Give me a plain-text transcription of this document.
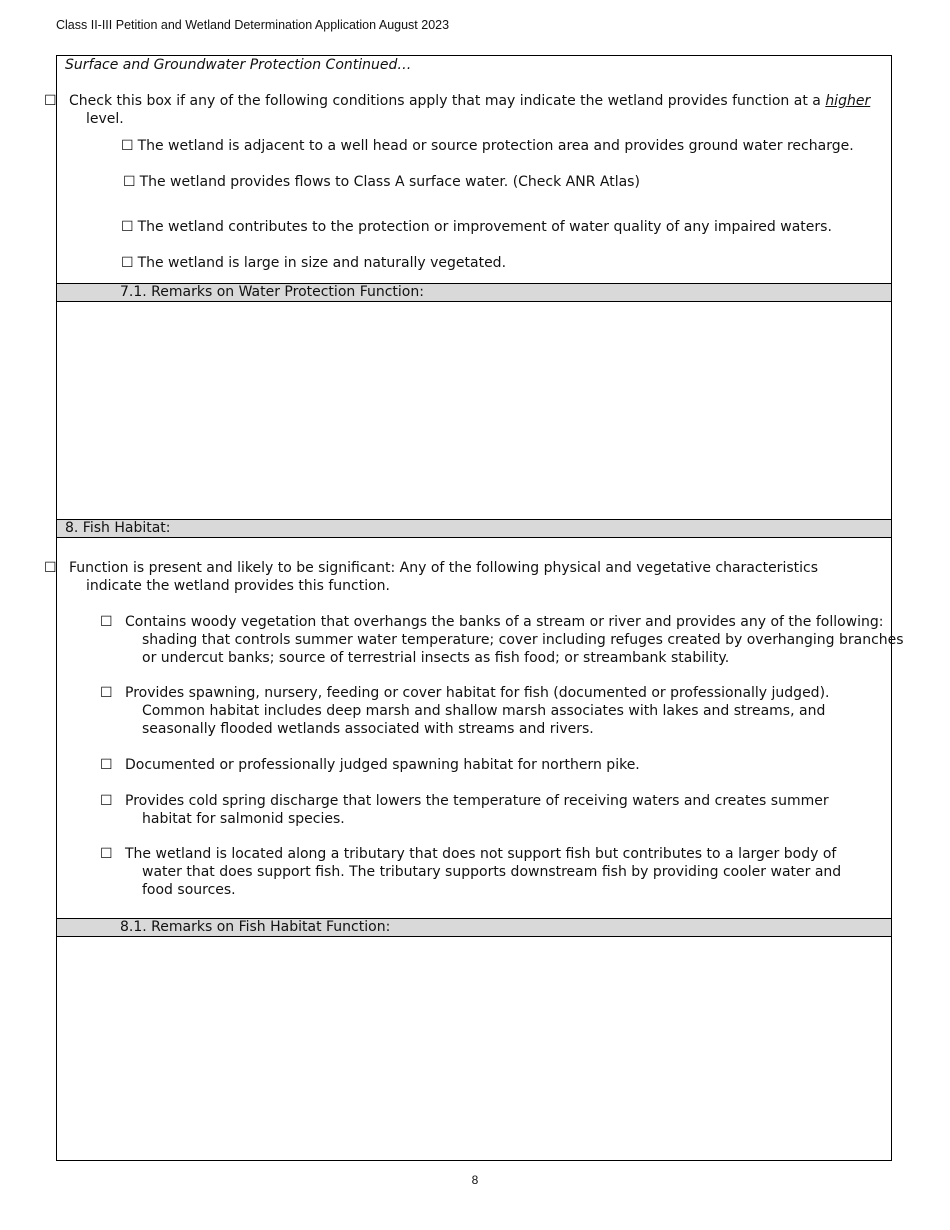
Class II-III Petition and Wetland Determination Application August 2023
Surface and Groundwater Protection Continued…
☐ Check this box if any of the following conditions apply that may indicate the wetland provides function at a higher level.
☐ The wetland is adjacent to a well head or source protection area and provides ground water recharge.
☐ The wetland provides flows to Class A surface water. (Check ANR Atlas)
☐ The wetland contributes to the protection or improvement of water quality of any impaired waters.
☐ The wetland is large in size and naturally vegetated.
7.1. Remarks on Water Protection Function:
8. Fish Habitat:
☐ Function is present and likely to be significant: Any of the following physical and vegetative characteristics indicate the wetland provides this function.
☐ Contains woody vegetation that overhangs the banks of a stream or river and provides any of the following: shading that controls summer water temperature; cover including refuges created by overhanging branches or undercut banks; source of terrestrial insects as fish food; or streambank stability.
☐ Provides spawning, nursery, feeding or cover habitat for fish (documented or professionally judged). Common habitat includes deep marsh and shallow marsh associates with lakes and streams, and seasonally flooded wetlands associated with streams and rivers.
☐ Documented or professionally judged spawning habitat for northern pike.
☐ Provides cold spring discharge that lowers the temperature of receiving waters and creates summer habitat for salmonid species.
☐ The wetland is located along a tributary that does not support fish but contributes to a larger body of water that does support fish. The tributary supports downstream fish by providing cooler water and food sources.
8.1. Remarks on Fish Habitat Function:
8
